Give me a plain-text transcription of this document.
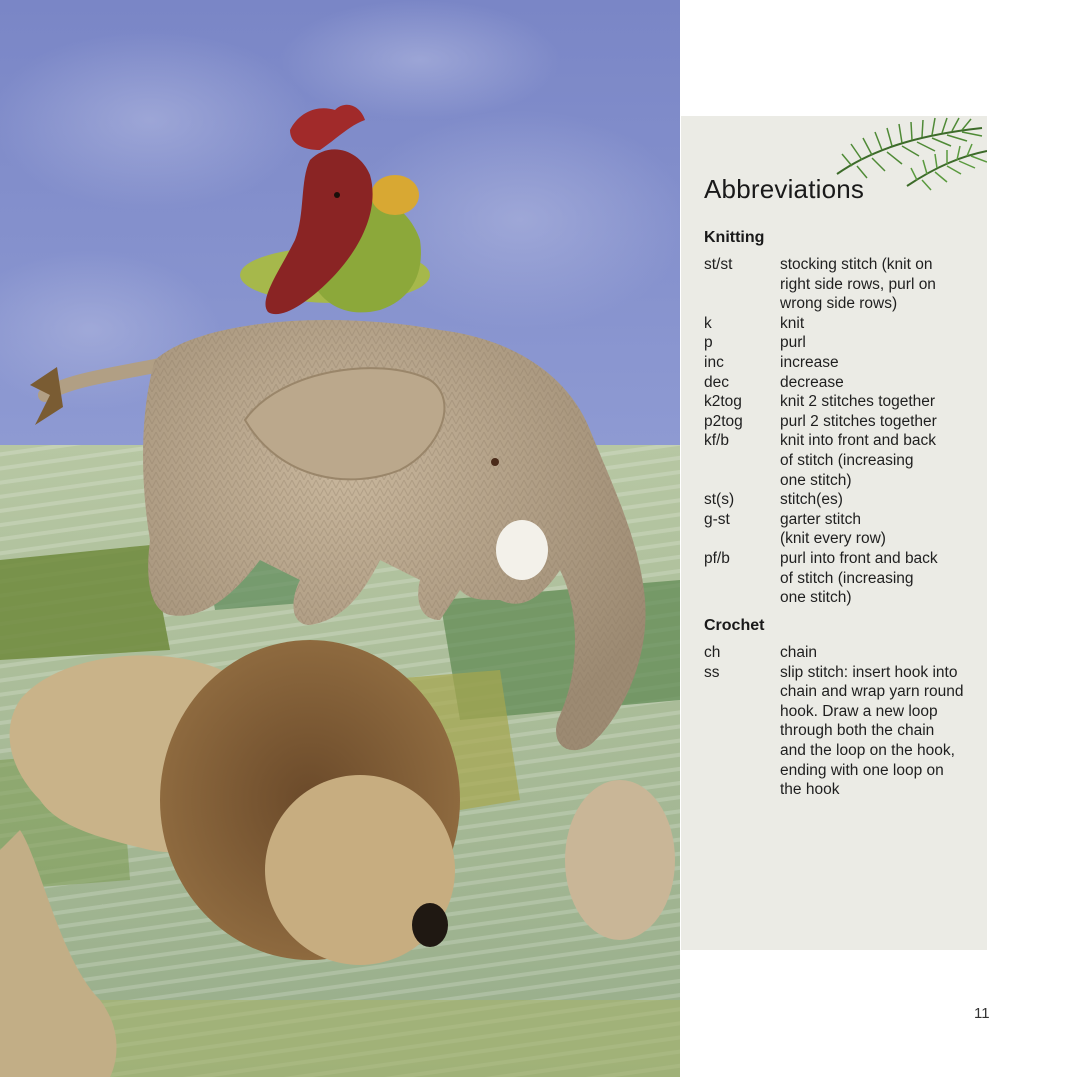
Abbreviations
Knitting
st/st	stocking stitch (knit on
right side rows, purl on
wrong side rows)
k	knit
p	purl
inc	increase
dec	decrease
k2tog	knit 2 stitches together
p2tog	purl 2 stitches together
kf/b	knit into front and back
of stitch (increasing
one stitch)
st(s)	stitch(es)
g-st	garter stitch
(knit every row)
pf/b	purl into front and back
of stitch (increasing
one stitch)
Crochet
ch	chain
ss	slip stitch: insert hook into
chain and wrap yarn round
hook. Draw a new loop
through both the chain
and the loop on the hook,
ending with one loop on
the hook
11
